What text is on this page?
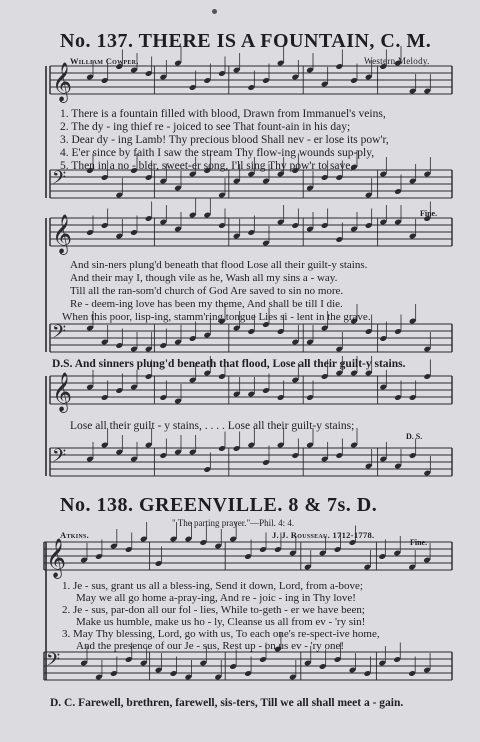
𝄞
𝄢
𝄞
𝄢
𝄞
𝄢
𝄞
𝄢
No. 137. THERE IS A FOUNTAIN, C. M.
William Cowper.	Western Melody.
1. There is a fountain filled with blood, Drawn from Immanuel's veins,
2. The dy - ing thief re - joiced to see That fount-ain in his day;
3. Dear dy - ing Lamb! Thy precious blood Shall nev - er lose its pow'r,
4. E'er since by faith I saw the stream Thy flow-ing wounds sup-ply,
5. Then in a no - bler, sweet-er song, I'll sing Thy pow'r to save,
Fine.
And sin-ners plung'd beneath that flood Lose all their guilt-y stains.
And their may I, though vile as he, Wash all my sins a - way.
Till all the ran-som'd church of God Are saved to sin no more.
Re - deem-ing love has been my theme, And shall be till I die.
When this poor, lisp-ing, stamm'ring tongue Lies si - lent in the grave.
D.S. And sinners plung'd beneath that flood, Lose all their guilt-y stains.
Lose all their guilt - y stains, . . . . Lose all their guilt-y stains;
D. S.
No. 138. GREENVILLE. 8 & 7s. D.
" The parting prayer."—Phil. 4: 4.
Atkins.	J. J. Rousseau. 1712-1778.
Fine.
1. Je - sus, grant us all a bless-ing, Send it down, Lord, from a-bove;
May we all go home a-pray-ing, And re - joic - ing in Thy love!
2. Je - sus, par-don all our fol - lies, While to-geth - er we have been;
Make us humble, make us ho - ly, Cleanse us all from ev - 'ry sin!
3. May Thy blessing, Lord, go with us, To each one's re-spect-ive home,
And the presence of our Je - sus, Rest up - on us ev - 'ry one!
D. C. Farewell, brethren, farewell, sis-ters, Till we all shall meet a - gain.
